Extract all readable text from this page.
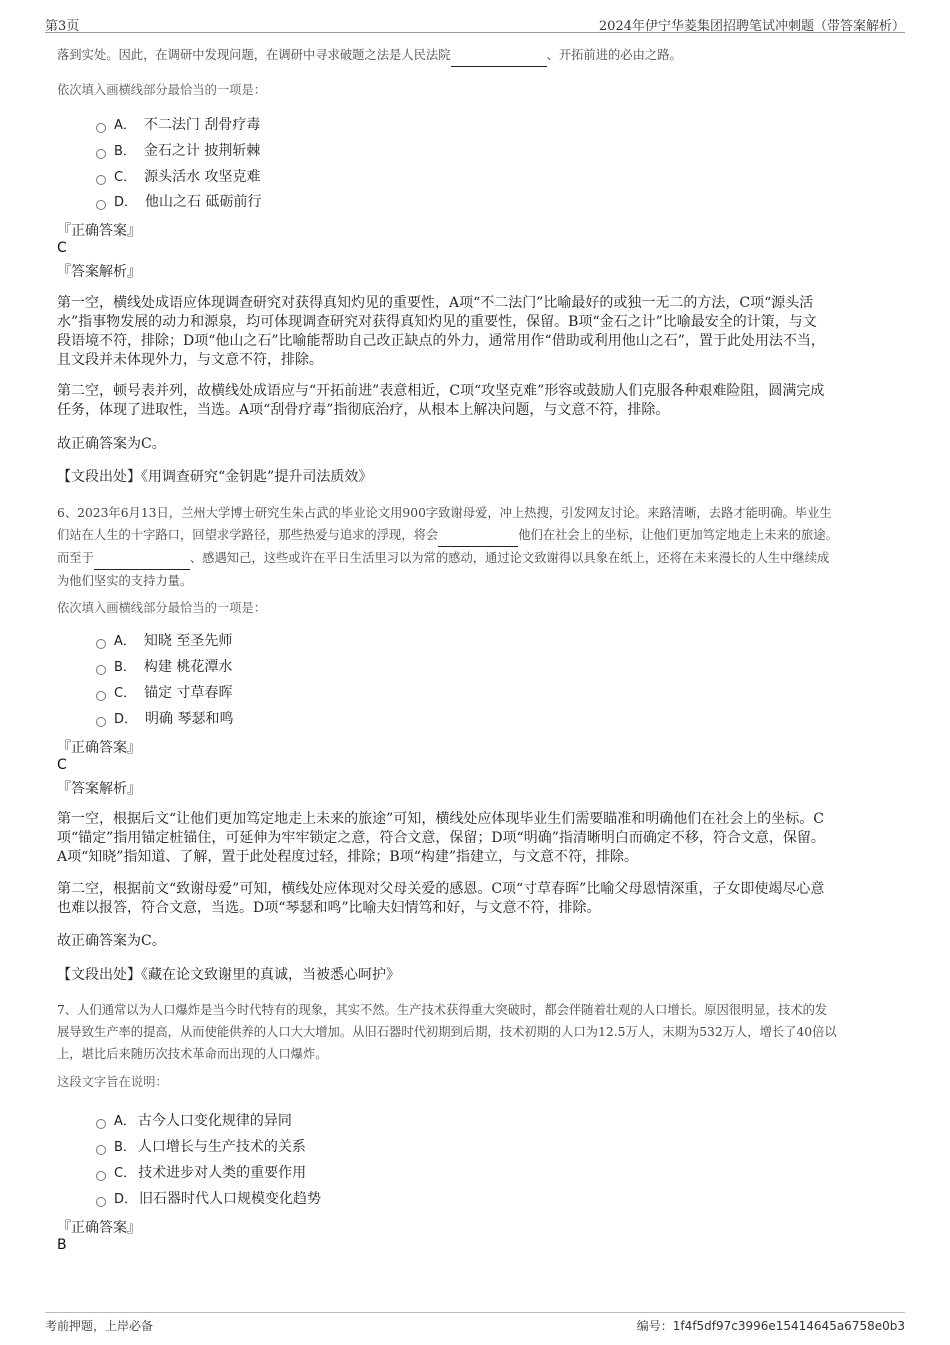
第3页	2024年伊宁华菱集团招聘笔试冲刺题（带答案解析）
落到实处。因此，在调研中发现问题，在调研中寻求破题之法是人民法院	、开拓前进的必由之路。
依次填入画横线部分最恰当的一项是：
A． 不二法门 刮骨疗毒
B． 金石之计 披荆斩棘
C． 源头活水 攻坚克难
D． 他山之石 砥砺前行
『正确答案』
C
『答案解析』
第一空，横线处成语应体现调查研究对获得真知灼见的重要性，A项“不二法门”比喻最好的或独一无二的方法，C项“源头活
水”指事物发展的动力和源泉，均可体现调查研究对获得真知灼见的重要性，保留。B项“金石之计”比喻最安全的计策，与文
段语境不符，排除；D项“他山之石”比喻能帮助自己改正缺点的外力，通常用作“借助或利用他山之石”，置于此处用法不当，
且文段并未体现外力，与文意不符，排除。
第二空，顿号表并列，故横线处成语应与“开拓前进”表意相近，C项“攻坚克难”形容或鼓励人们克服各种艰难险阻，圆满完成
任务，体现了进取性，当选。A项“刮骨疗毒”指彻底治疗，从根本上解决问题，与文意不符，排除。
故正确答案为C。
【文段出处】《用调查研究“金钥匙”提升司法质效》
6、2023年6月13日，兰州大学博士研究生朱占武的毕业论文用900字致谢母爱，冲上热搜，引发网友讨论。来路清晰，去路才能明确。毕业生
们站在人生的十字路口，回望求学路径，那些热爱与追求的浮现，将会	他们在社会上的坐标，让他们更加笃定地走上未来的旅途。
而至于	、感遇知己，这些或许在平日生活里习以为常的感动，通过论文致谢得以具象在纸上，还将在未来漫长的人生中继续成
为他们坚实的支持力量。
依次填入画横线部分最恰当的一项是：
A． 知晓 至圣先师
B． 构建 桃花潭水
C． 锚定 寸草春晖
D． 明确 琴瑟和鸣
『正确答案』
C
『答案解析』
第一空，根据后文“让他们更加笃定地走上未来的旅途”可知，横线处应体现毕业生们需要瞄准和明确他们在社会上的坐标。C
项“锚定”指用锚定桩锚住，可延伸为牢牢锁定之意，符合文意，保留；D项“明确”指清晰明白而确定不移，符合文意，保留。
A项“知晓”指知道、了解，置于此处程度过轻，排除；B项“构建”指建立，与文意不符，排除。
第二空，根据前文“致谢母爱”可知，横线处应体现对父母关爱的感恩。C项“寸草春晖”比喻父母恩情深重，子女即使竭尽心意
也难以报答，符合文意，当选。D项“琴瑟和鸣”比喻夫妇情笃和好，与文意不符，排除。
故正确答案为C。
【文段出处】《藏在论文致谢里的真诚，当被悉心呵护》
7、人们通常以为人口爆炸是当今时代特有的现象，其实不然。生产技术获得重大突破时，都会伴随着壮观的人口增长。原因很明显，技术的发
展导致生产率的提高，从而使能供养的人口大大增加。从旧石器时代初期到后期，技术初期的人口为12.5万人，末期为532万人，增长了40倍以
上，堪比后来随历次技术革命而出现的人口爆炸。
这段文字旨在说明：
A． 古今人口变化规律的异同
B． 人口增长与生产技术的关系
C． 技术进步对人类的重要作用
D． 旧石器时代人口规模变化趋势
『正确答案』
B
考前押题，上岸必备	编号：1f4f5df97c3996e15414645a6758e0b3
